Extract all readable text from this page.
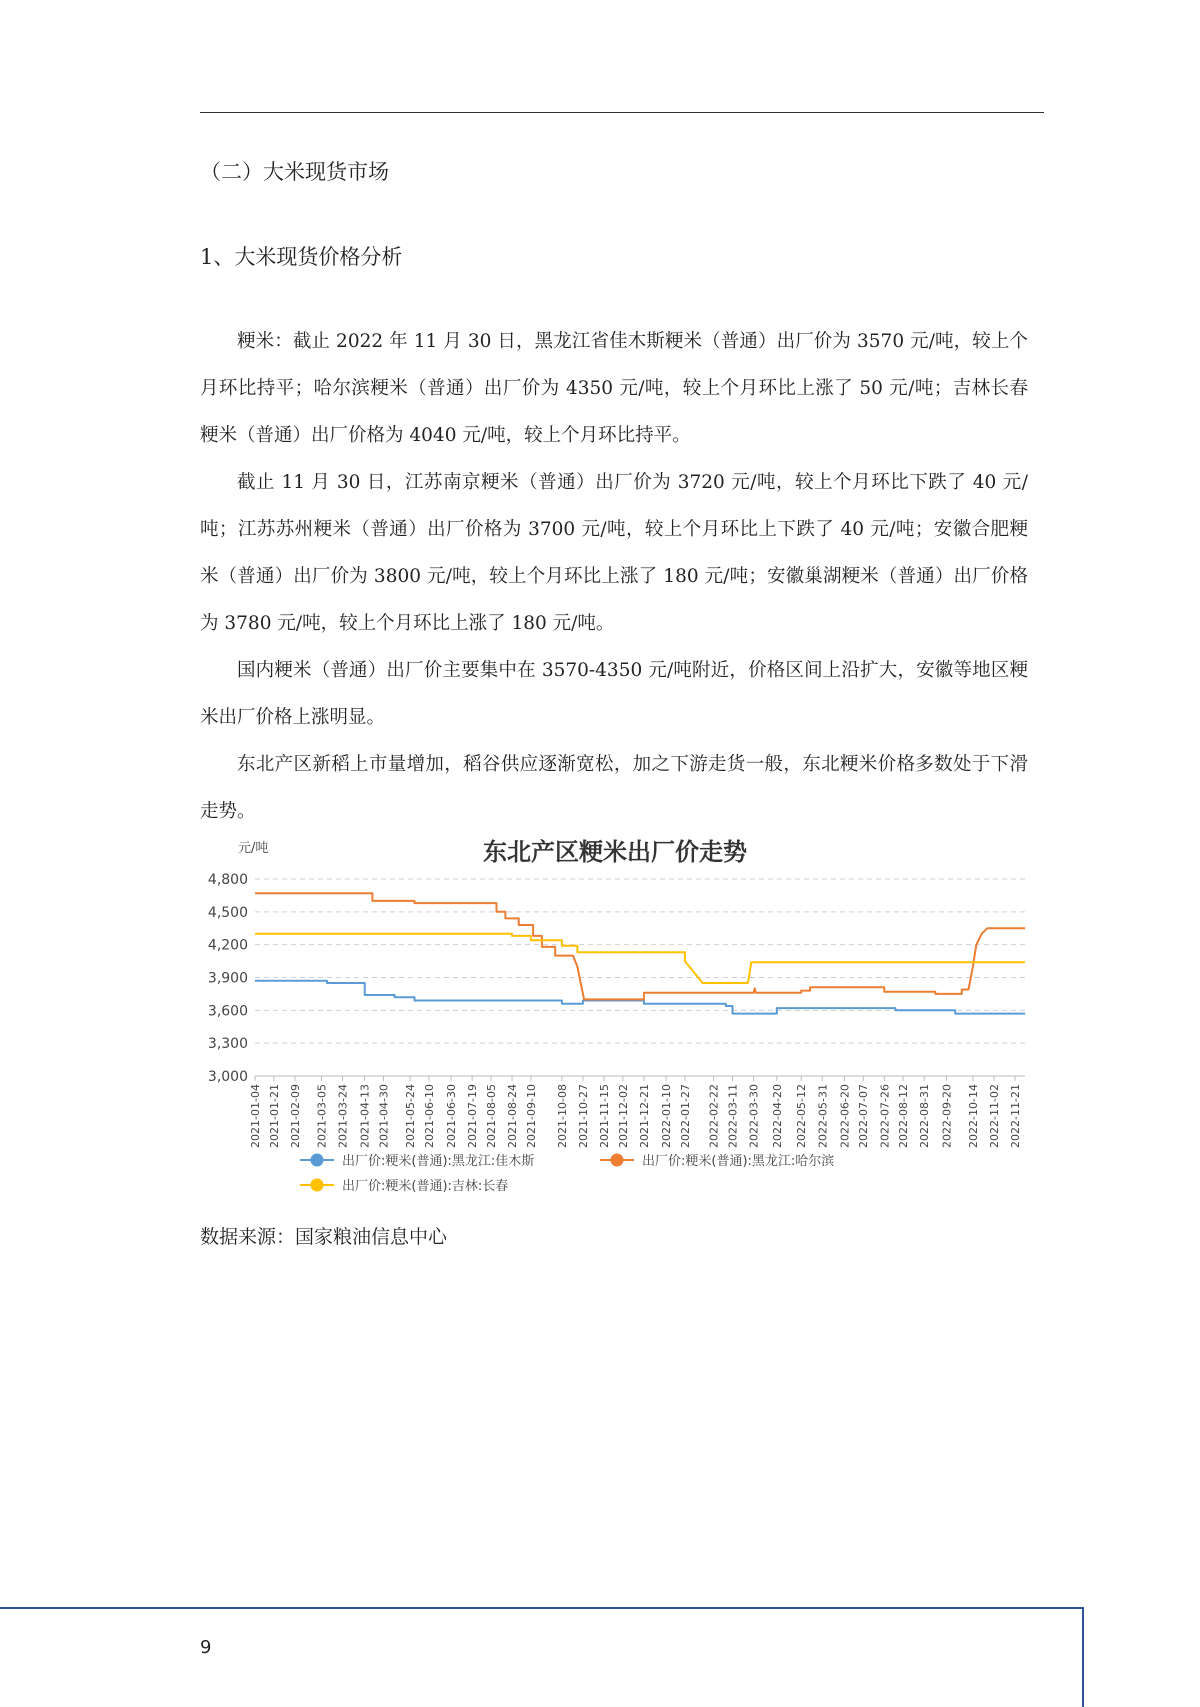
（二）大米现货市场
1、大米现货价格分析

粳米：截止 2022 年 11 月 30 日，黑龙江省佳木斯粳米（普通）出厂价为 3570 元/吨，较上个月环比持平；哈尔滨粳米（普通）出厂价为 4350 元/吨，较上个月环比上涨了 50 元/吨；吉林长春粳米（普通）出厂价格为 4040 元/吨，较上个月环比持平。

截止 11 月 30 日，江苏南京粳米（普通）出厂价为 3720 元/吨，较上个月环比下跌了 40 元/吨；江苏苏州粳米（普通）出厂价格为 3700 元/吨，较上个月环比上下跌了 40 元/吨；安徽合肥粳米（普通）出厂价为 3800 元/吨，较上个月环比上涨了 180 元/吨；安徽巢湖粳米（普通）出厂价格为 3780 元/吨，较上个月环比上涨了 180 元/吨。

国内粳米（普通）出厂价主要集中在 3570-4350 元/吨附近，价格区间上沿扩大，安徽等地区粳米出厂价格上涨明显。

东北产区新稻上市量增加，稻谷供应逐渐宽松，加之下游走货一般，东北粳米价格多数处于下滑走势。

东北产区粳米出厂价走势
元/吨
3,000
3,300
3,600
3,900
4,200
4,500
4,800
2021-01-04 2021-01-21 2021-02-09 2021-03-05 2021-03-24 2021-04-13 2021-04-30 2021-05-24 2021-06-10 2021-06-30 2021-07-19 2021-08-05 2021-08-24 2021-09-10 2021-10-08 2021-10-27 2021-11-15 2021-12-02 2021-12-21 2022-01-10 2022-01-27 2022-02-22 2022-03-11 2022-03-30 2022-04-20 2022-05-12 2022-05-31 2022-06-20 2022-07-07 2022-07-26 2022-08-12 2022-08-31 2022-09-20 2022-10-14 2022-11-02 2022-11-21
出厂价:粳米(普通):黑龙江:佳木斯	出厂价:粳米(普通):黑龙江:哈尔滨
出厂价:粳米(普通):吉林:长春
数据来源：国家粮油信息中心
9
